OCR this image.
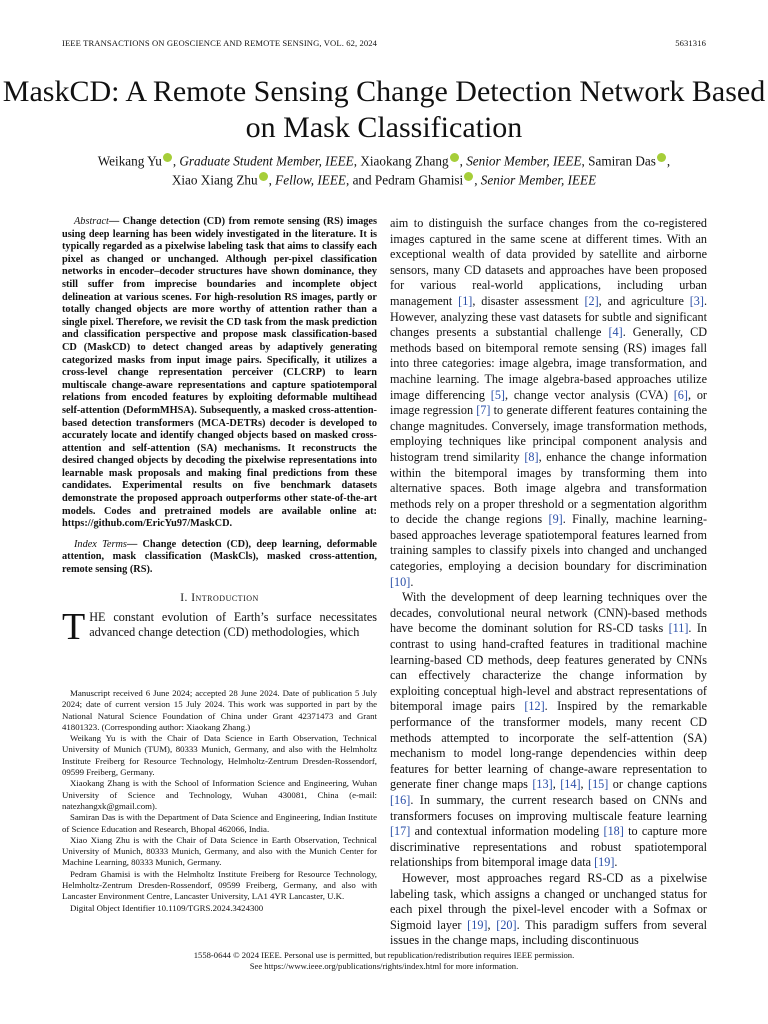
IEEE TRANSACTIONS ON GEOSCIENCE AND REMOTE SENSING, VOL. 62, 2024	5631316
MaskCD: A Remote Sensing Change Detection Network Based on Mask Classification
Weikang Yu , Graduate Student Member, IEEE, Xiaokang Zhang , Senior Member, IEEE, Samiran Das ,
Xiao Xiang Zhu , Fellow, IEEE, and Pedram Ghamisi , Senior Member, IEEE

Abstract— Change detection (CD) from remote sensing (RS) images using deep learning has been widely investigated in the literature. It is typically regarded as a pixelwise labeling task that aims to classify each pixel as changed or unchanged. Although per-pixel classification networks in encoder–decoder structures have shown dominance, they still suffer from imprecise boundaries and incomplete object delineation at various scenes. For high-resolution RS images, partly or totally changed objects are more worthy of attention rather than a single pixel. Therefore, we revisit the CD task from the mask prediction and classification perspective and propose mask classification-based CD (MaskCD) to detect changed areas by adaptively generating categorized masks from input image pairs. Specifically, it utilizes a cross-level change representation perceiver (CLCRP) to learn multiscale change-aware representations and capture spatiotemporal relations from encoded features by exploiting deformable multihead self-attention (DeformMHSA). Subsequently, a masked cross-attention-based detection transformers (MCA-DETRs) decoder is developed to accurately locate and identify changed objects based on masked cross-attention and self-attention (SA) mechanisms. It reconstructs the desired changed objects by decoding the pixelwise representations into learnable mask proposals and making final predictions from these candidates. Experimental results on five benchmark datasets demonstrate the proposed approach outperforms other state-of-the-art models. Codes and pretrained models are available online at: https://github.com/EricYu97/MaskCD.

Index Terms— Change detection (CD), deep learning, deformable attention, mask classification (MaskCls), masked cross-attention, remote sensing (RS).

I. Introduction

THE constant evolution of Earth’s surface necessitates advanced change detection (CD) methodologies, which

Manuscript received 6 June 2024; accepted 28 June 2024. Date of publication 5 July 2024; date of current version 15 July 2024. This work was supported in part by the National Natural Science Foundation of China under Grant 42371473 and Grant 41801323. (Corresponding author: Xiaokang Zhang.)

Weikang Yu is with the Chair of Data Science in Earth Observation, Technical University of Munich (TUM), 80333 Munich, Germany, and also with the Helmholtz Institute Freiberg for Resource Technology, Helmholtz-Zentrum Dresden-Rossendorf, 09599 Freiberg, Germany.

Xiaokang Zhang is with the School of Information Science and Engineering, Wuhan University of Science and Technology, Wuhan 430081, China (e-mail: natezhangxk@gmail.com).

Samiran Das is with the Department of Data Science and Engineering, Indian Institute of Science Education and Research, Bhopal 462066, India.

Xiao Xiang Zhu is with the Chair of Data Science in Earth Observation, Technical University of Munich, 80333 Munich, Germany, and also with the Munich Center for Machine Learning, 80333 Munich, Germany.

Pedram Ghamisi is with the Helmholtz Institute Freiberg for Resource Technology, Helmholtz-Zentrum Dresden-Rossendorf, 09599 Freiberg, Germany, and also with Lancaster Environment Centre, Lancaster University, LA1 4YR Lancaster, U.K.

Digital Object Identifier 10.1109/TGRS.2024.3424300

aim to distinguish the surface changes from the co-registered images captured in the same scene at different times. With an exceptional wealth of data provided by satellite and airborne sensors, many CD datasets and approaches have been proposed for various real-world applications, including urban management [1], disaster assessment [2], and agriculture [3]. However, analyzing these vast datasets for subtle and significant changes presents a substantial challenge [4]. Generally, CD methods based on bitemporal remote sensing (RS) images fall into three categories: image algebra, image transformation, and machine learning. The image algebra-based approaches utilize image differencing [5], change vector analysis (CVA) [6], or image regression [7] to generate different features containing the change magnitudes. Conversely, image transformation methods, employing techniques like principal component analysis and histogram trend similarity [8], enhance the change information within the bitemporal images by transforming them into alternative spaces. Both image algebra and transformation methods rely on a proper threshold or a segmentation algorithm to decide the change regions [9]. Finally, machine learning-based approaches leverage spatiotemporal features learned from training samples to classify pixels into changed and unchanged categories, employing a decision boundary for discrimination [10].

With the development of deep learning techniques over the decades, convolutional neural network (CNN)-based methods have become the dominant solution for RS-CD tasks [11]. In contrast to using hand-crafted features in traditional machine learning-based CD methods, deep features generated by CNNs can effectively characterize the change information by exploiting conceptual high-level and abstract representations of bitemporal image pairs [12]. Inspired by the remarkable performance of the transformer models, many recent CD methods attempted to incorporate the self-attention (SA) mechanism to model long-range dependencies within deep features for better learning of change-aware representation to generate finer change maps [13], [14], [15] or change captions [16]. In summary, the current research based on CNNs and transformers focuses on improving multiscale feature learning [17] and contextual information modeling [18] to capture more discriminative representations and robust spatiotemporal relationships from bitemporal image data [19].

However, most approaches regard RS-CD as a pixelwise labeling task, which assigns a changed or unchanged status for each pixel through the pixel-level encoder with a Sofmax or Sigmoid layer [19], [20]. This paradigm suffers from several issues in the change maps, including discontinuous

1558-0644 © 2024 IEEE. Personal use is permitted, but republication/redistribution requires IEEE permission.
See https://www.ieee.org/publications/rights/index.html for more information.
